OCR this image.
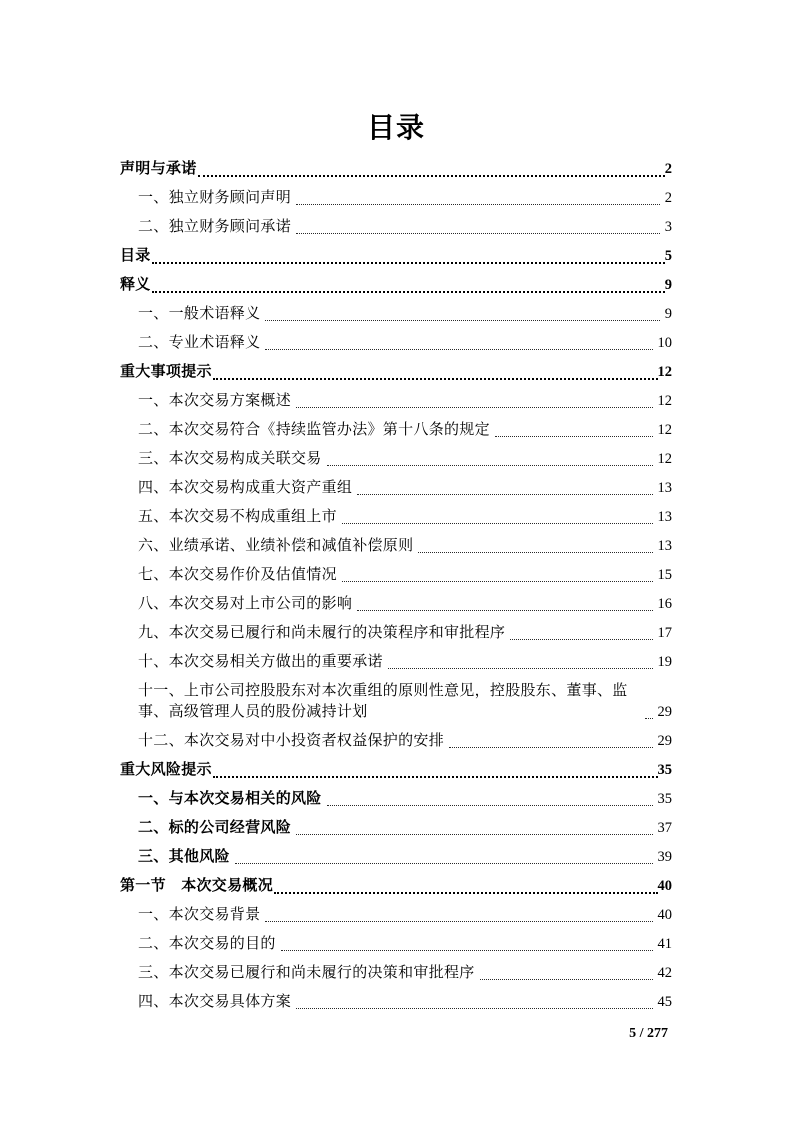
目录
声明与承诺	2
一、独立财务顾问声明	2
二、独立财务顾问承诺	3
目录	5
释义	9
一、一般术语释义	9
二、专业术语释义	10
重大事项提示	12
一、本次交易方案概述	12
二、本次交易符合《持续监管办法》第十八条的规定	12
三、本次交易构成关联交易	12
四、本次交易构成重大资产重组	13
五、本次交易不构成重组上市	13
六、业绩承诺、业绩补偿和减值补偿原则	13
七、本次交易作价及估值情况	15
八、本次交易对上市公司的影响	16
九、本次交易已履行和尚未履行的决策程序和审批程序	17
十、本次交易相关方做出的重要承诺	19
十一、上市公司控股股东对本次重组的原则性意见，控股股东、董事、监事、高级管理人员的股份减持计划	29
十二、本次交易对中小投资者权益保护的安排	29
重大风险提示	35
一、与本次交易相关的风险	35
二、标的公司经营风险	37
三、其他风险	39
第一节　本次交易概况	40
一、本次交易背景	40
二、本次交易的目的	41
三、本次交易已履行和尚未履行的决策和审批程序	42
四、本次交易具体方案	45
5 / 277
